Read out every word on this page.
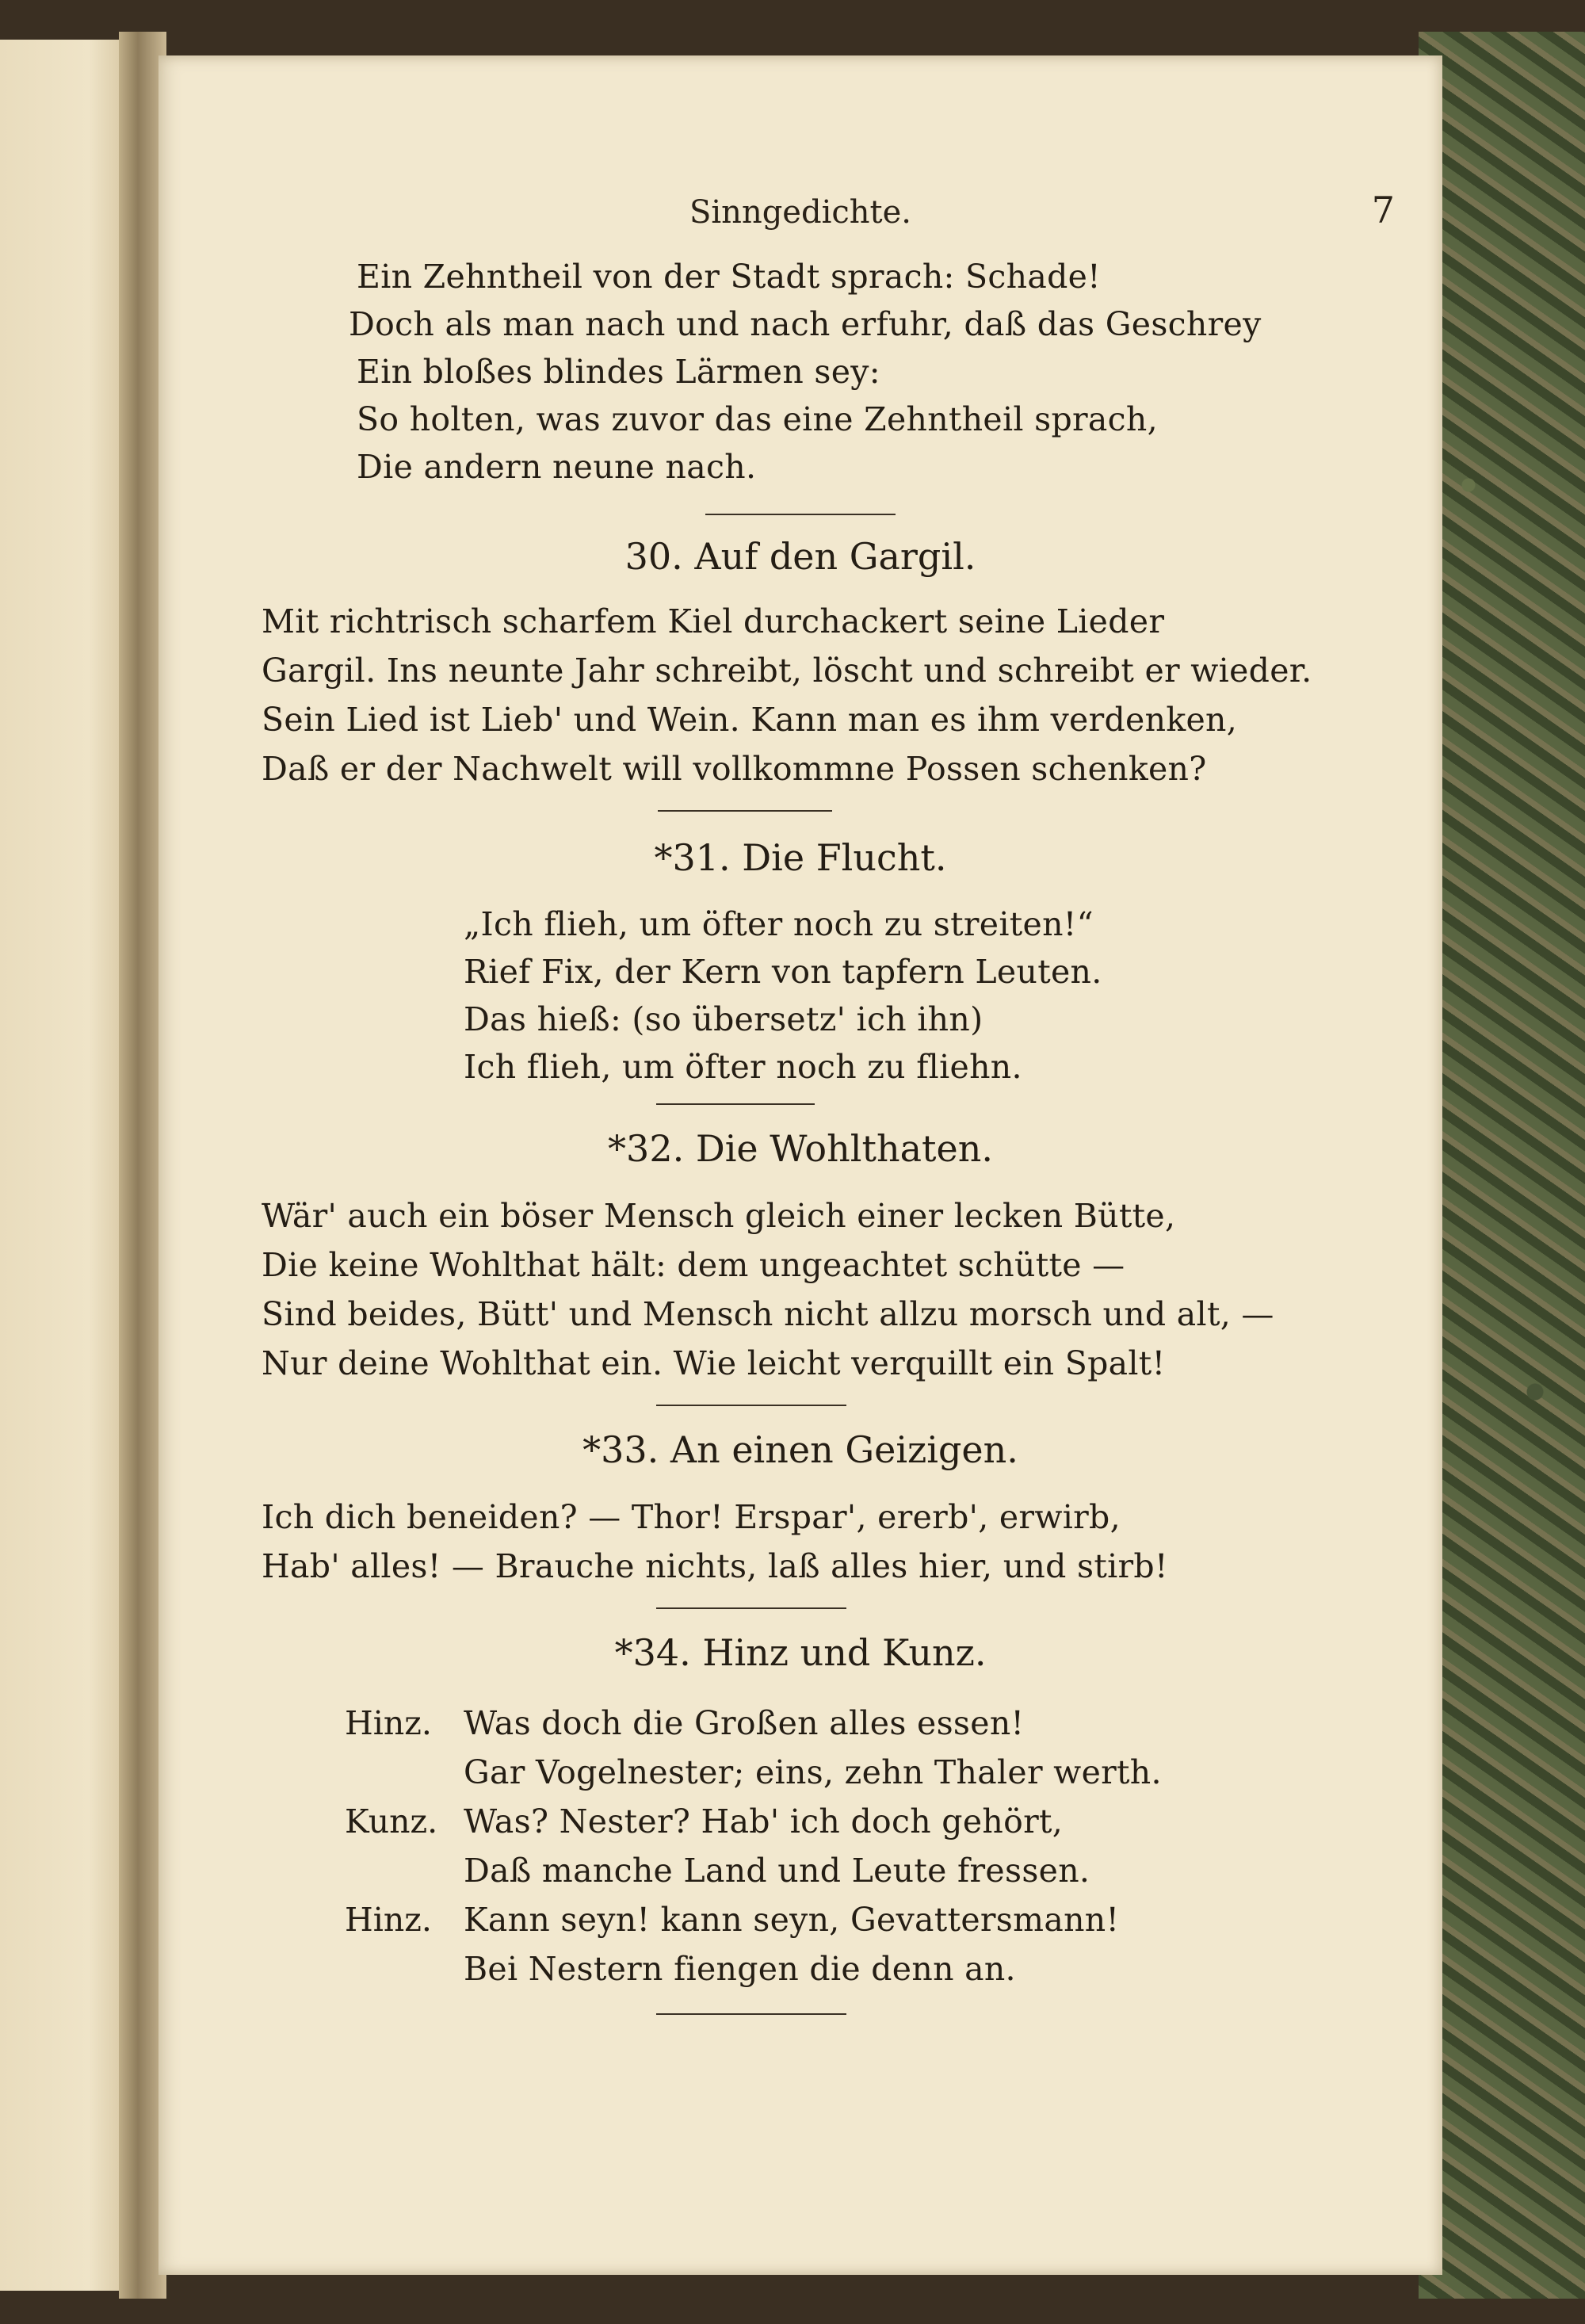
Sinngedichte.	7
Ein Zehntheil von der Stadt sprach: Schade!
Doch als man nach und nach erfuhr, daß das Geschrey
Ein bloßes blindes Lärmen sey:
So holten, was zuvor das eine Zehntheil sprach,
Die andern neune nach.
30. Auf den Gargil.
Mit richtrisch scharfem Kiel durchackert seine Lieder
Gargil. Ins neunte Jahr schreibt, löscht und schreibt er wieder.
Sein Lied ist Lieb' und Wein. Kann man es ihm verdenken,
Daß er der Nachwelt will vollkommne Possen schenken?
*31. Die Flucht.
„Ich flieh, um öfter noch zu streiten!“
Rief Fix, der Kern von tapfern Leuten.
Das hieß: (so übersetz' ich ihn)
Ich flieh, um öfter noch zu fliehn.
*32. Die Wohlthaten.
Wär' auch ein böser Mensch gleich einer lecken Bütte,
Die keine Wohlthat hält: dem ungeachtet schütte —
Sind beides, Bütt' und Mensch nicht allzu morsch und alt, —
Nur deine Wohlthat ein. Wie leicht verquillt ein Spalt!
*33. An einen Geizigen.
Ich dich beneiden? — Thor! Erspar', ererb', erwirb,
Hab' alles! — Brauche nichts, laß alles hier, und stirb!
*34. Hinz und Kunz.
Hinz. Was doch die Großen alles essen!
Gar Vogelnester; eins, zehn Thaler werth.
Kunz. Was? Nester? Hab' ich doch gehört,
Daß manche Land und Leute fressen.
Hinz. Kann seyn! kann seyn, Gevattersmann!
Bei Nestern fiengen die denn an.
